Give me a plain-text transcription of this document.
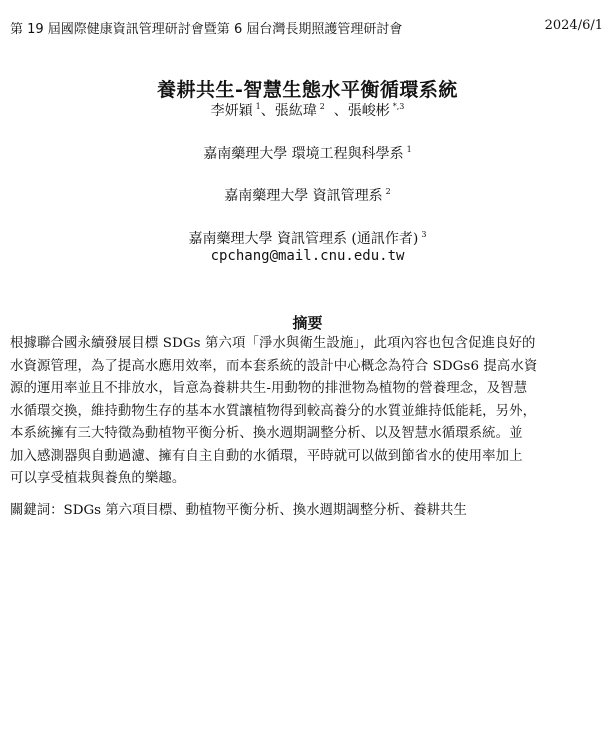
第 19 屆國際健康資訊管理研討會暨第 6 屆台灣長期照護管理研討會	2024/6/1
養耕共生-智慧生態水平衡循環系統
李妍穎 $^1$、張紘瑋 $^2$ 、張峻彬 $^{*,3}$
嘉南藥理大學 環境工程與科學系 $^1$
嘉南藥理大學 資訊管理系 $^2$
嘉南藥理大學 資訊管理系 (通訊作者) $^3$
cpchang@mail.cnu.edu.tw
摘要
根據聯合國永續發展目標 SDGs 第六項「淨水與衛生設施」，此項內容也包含促進良好的
水資源管理，為了提高水應用效率，而本套系統的設計中心概念為符合 SDGs6 提高水資
源的運用率並且不排放水，旨意為養耕共生-用動物的排泄物為植物的營養理念，及智慧
水循環交換，維持動物生存的基本水質讓植物得到較高養分的水質並維持低能耗，另外，
本系統擁有三大特徵為動植物平衡分析、換水週期調整分析、以及智慧水循環系統。並
加入感測器與自動過濾、擁有自主自動的水循環，平時就可以做到節省水的使用率加上
可以享受植栽與養魚的樂趣。
關鍵詞：SDGs 第六項目標、動植物平衡分析、換水週期調整分析、養耕共生
